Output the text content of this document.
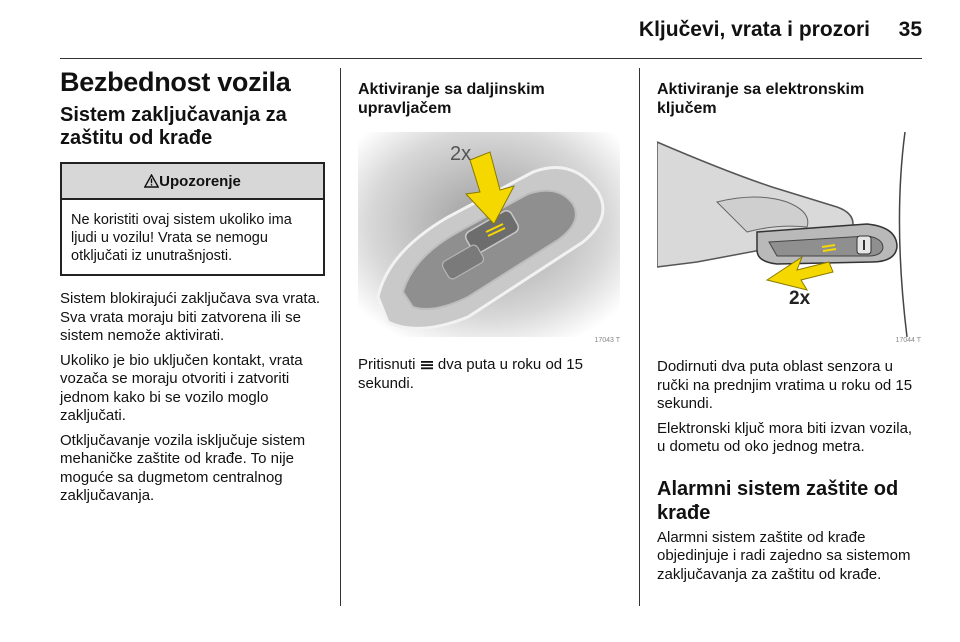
Ključevi, vrata i prozori 35
Bezbednost vozila
Sistem zaključavanja za zaštitu od krađe
Upozorenje
Ne koristiti ovaj sistem ukoliko ima ljudi u vozilu! Vrata se nemogu otključati iz unutrašnjosti.

Sistem blokirajući zaključava sva vrata. Sva vrata moraju biti zatvorena ili se sistem nemože aktivirati.

Ukoliko je bio uključen kontakt, vrata vozača se moraju otvoriti i zatvoriti jednom kako bi se vozilo moglo zaključati.

Otključavanje vozila isključuje sistem mehaničke zaštite od krađe. To nije moguće sa dugmetom centralnog zaključavanja.

Aktiviranje sa daljinskim upravljačem
2x
17043 T

Pritisnuti dva puta u roku od 15 sekundi.

Aktiviranje sa elektronskim ključem
2x
17044 T

Dodirnuti dva puta oblast senzora u ručki na prednjim vratima u roku od 15 sekundi.

Elektronski ključ mora biti izvan vozila, u dometu od oko jednog metra.

Alarmni sistem zaštite od krađe

Alarmni sistem zaštite od krađe objedinjuje i radi zajedno sa sistemom zaključavanja za zaštitu od krađe.
